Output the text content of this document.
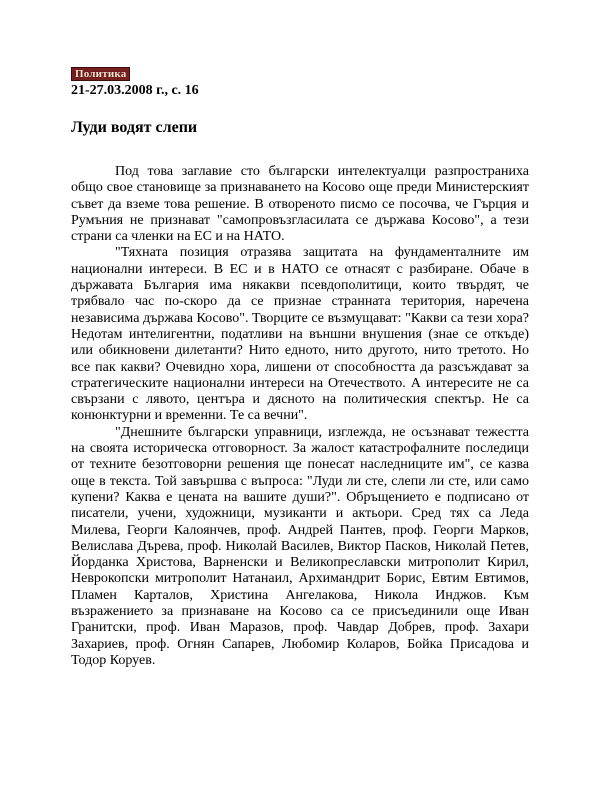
Политика

21-27.03.2008 г., с. 16

Луди водят слепи

Под това заглавие сто български интелектуалци разпространиха общо свое становище за признаването на Косово още преди Министерският съвет да вземе това решение. В отвореното писмо се посочва, че Гърция и Румъния не признават "самопровъзгласилата се държава Косово", а тези страни са членки на ЕС и на НАТО.

"Тяхната позиция отразява защитата на фундаменталните им национални интереси. В ЕС и в НАТО се отнасят с разбиране. Обаче в държавата България има някакви псевдополитици, които твърдят, че трябвало час по-скоро да се признае странната територия, наречена независима държава Косово". Творците се възмущават: "Какви са тези хора? Недотам интелигентни, податливи на външни внушения (знае се откъде) или обикновени дилетанти? Нито едното, нито другото, нито третото. Но все пак какви? Очевидно хора, лишени от способността да разсъждават за стратегическите национални интереси на Отечеството. А интересите не са свързани с лявото, центъра и дясното на политическия спектър. Не са конюнктурни и временни. Те са вечни".

"Днешните български управници, изглежда, не осъзнават тежестта на своята историческа отговорност. За жалост катастрофалните последици от техните безотговорни решения ще понесат наследниците им", се казва още в текста. Той завършва с въпроса: "Луди ли сте, слепи ли сте, или само купени? Каква е цената на вашите души?". Обръщението е подписано от писатели, учени, художници, музиканти и актьори. Сред тях са Леда Милева, Георги Калоянчев, проф. Андрей Пантев, проф. Георги Марков, Велислава Дърева, проф. Николай Василев, Виктор Пасков, Николай Петев, Йорданка Христова, Варненски и Великопреславски митрополит Кирил, Неврокопски митрополит Натанаил, Архимандрит Борис, Евтим Евтимов, Пламен Карталов, Христина Ангелакова, Никола Инджов. Към възражението за признаване на Косово са се присъединили още Иван Гранитски, проф. Иван Маразов, проф. Чавдар Добрев, проф. Захари Захариев, проф. Огнян Сапарев, Любомир Коларов, Бойка Присадова и Тодор Коруев.
